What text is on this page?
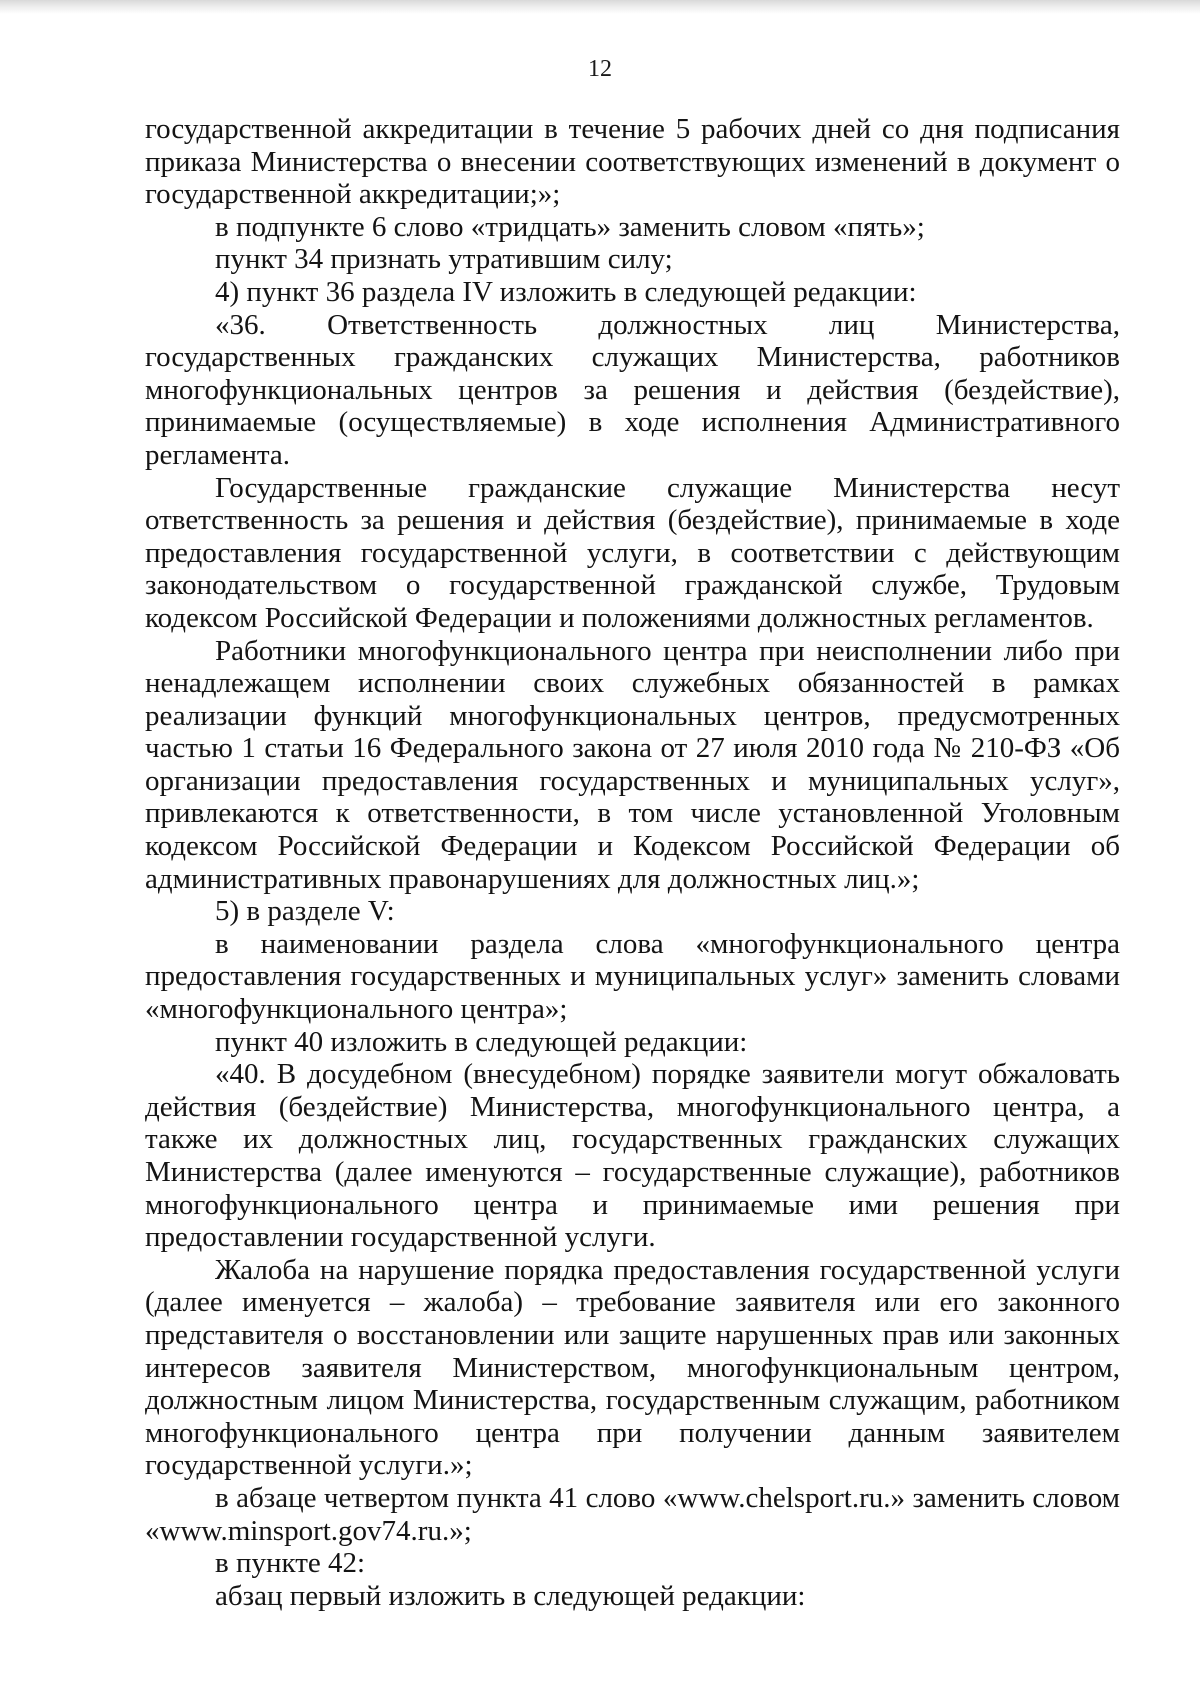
12

государственной аккредитации в течение 5 рабочих дней со дня подписания приказа Министерства о внесении соответствующих изменений в документ о государственной аккредитации;»;

в подпункте 6 слово «тридцать» заменить словом «пять»;

пункт 34 признать утратившим силу;

4) пункт 36 раздела IV изложить в следующей редакции:

«36. Ответственность должностных лиц Министерства, государственных гражданских служащих Министерства, работников многофункциональных центров за решения и действия (бездействие), принимаемые (осуществляемые) в ходе исполнения Административного регламента.

Государственные гражданские служащие Министерства несут ответственность за решения и действия (бездействие), принимаемые в ходе предоставления государственной услуги, в соответствии с действующим законодательством о государственной гражданской службе, Трудовым кодексом Российской Федерации и положениями должностных регламентов.

Работники многофункционального центра при неисполнении либо при ненадлежащем исполнении своих служебных обязанностей в рамках реализации функций многофункциональных центров, предусмотренных частью 1 статьи 16 Федерального закона от 27 июля 2010 года № 210-ФЗ «Об организации предоставления государственных и муниципальных услуг», привлекаются к ответственности, в том числе установленной Уголовным кодексом Российской Федерации и Кодексом Российской Федерации об административных правонарушениях для должностных лиц.»;

5) в разделе V:

в наименовании раздела слова «многофункционального центра предоставления государственных и муниципальных услуг» заменить словами «многофункционального центра»;

пункт 40 изложить в следующей редакции:

«40. В досудебном (внесудебном) порядке заявители могут обжаловать действия (бездействие) Министерства, многофункционального центра, а также их должностных лиц, государственных гражданских служащих Министерства (далее именуются – государственные служащие), работников многофункционального центра и принимаемые ими решения при предоставлении государственной услуги.

Жалоба на нарушение порядка предоставления государственной услуги (далее именуется – жалоба) – требование заявителя или его законного представителя о восстановлении или защите нарушенных прав или законных интересов заявителя Министерством, многофункциональным центром, должностным лицом Министерства, государственным служащим, работником многофункционального центра при получении данным заявителем государственной услуги.»;

в абзаце четвертом пункта 41 слово «www.chelsport.ru.» заменить словом «www.minsport.gov74.ru.»;

в пункте 42:

абзац первый изложить в следующей редакции:
